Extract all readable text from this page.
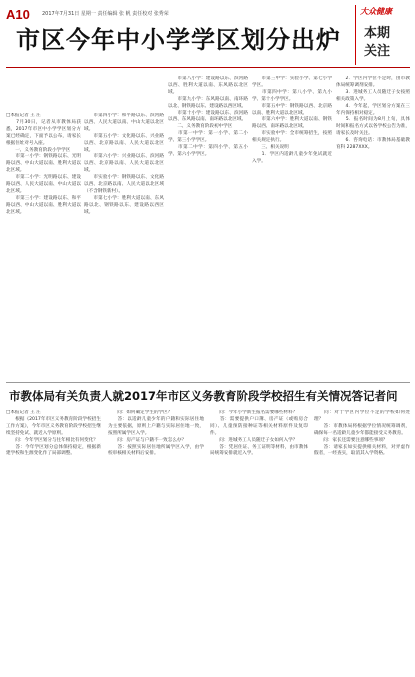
A10 2017年7月31日 星期一 责任编辑 张 帆 责任校对 张秀荣	大众健康
本期
关注
市区今年中小学学区划分出炉
□本报记者 王 庄
　　7月30日，记者从市教体局获悉，2017年市区中小学学区划分方案已经确定，下面予以公布，请家长根据住址对号入座。
　　一、义务教育阶段小学学区
　　市第一小学：钢铁路以东、光明路以西、中山大道以南、胜利大道以北区域。
　　市第二小学：光明路以东、建设路以西、人民大道以南、中山大道以北区域。
　　市第三小学：建设路以东、和平路以西、中山大道以南、胜利大道以北区域。
　　市第四小学：和平路以东、滨河路以西、人民大道以南、中山大道以北区域。
　　市第五小学：文化路以东、兴业路以西、北京路以南、人民大道以北区域。
　　市第六小学：兴业路以东、滨河路以西、北京路以南、人民大道以北区域。
　　市实验小学：钢铁路以东、文化路以西、北京路以南、人民大道以北区域（不含钢铁新村）。
　　市第七小学：胜利大道以南、东风路以北、钢铁路以东、建设路以西区域。
　　市第八小学：建设路以东、滨河路以西、胜利大道以南、东风路以北区域。
　　市第九小学：东风路以南、南环路以北、钢铁路以东、建设路以西区域。
　　市第十小学：建设路以东、滨河路以西、东风路以南、南环路以北区域。
　　二、义务教育阶段初中学区
　　市第一中学：第一小学、第二小学、第三小学学区。
　　市第二中学：第四小学、第五小学、第六小学学区。
　　市第三中学：实验小学、第七小学学区。
　　市第四中学：第八小学、第九小学、第十小学学区。
　　市第五中学：钢铁路以西、北京路以南、胜利大道以北区域。
　　市第六中学：胜利大道以南、钢铁路以西、南环路以北区域。
　　市实验中学：全市统筹招生，按照相关规定执行。
　　三、相关说明
　　1．学区内适龄儿童少年免试就近入学。
　　2．学区内学位不足时，由市教体局统筹调剂安排。
　　3．进城务工人员随迁子女按照相关政策入学。
　　4．今年起，学区划分方案在三年内保持相对稳定。
　　5．报名时间为8月上旬，具体时间和报名方式以各学校公告为准，请家长及时关注。
　　6．咨询电话：市教体局基础教育科 2287XXX。
市教体局有关负责人就2017年市区义务教育阶段学校招生有关情况答记者问
□本报记者 王 庄
　　根据《2017年市区义务教育阶段学校招生工作方案》，今年市区义务教育阶段学校招生继续坚持免试、就近入学原则。
　　问：今年学区划分与往年相比有何变化？
　　答：今年学区划分总体保持稳定，根据新建学校和生源变化作了局部调整。
　　问：如何确定学生的学区？
　　答：以适龄儿童少年的户籍和实际居住地为主要依据，原则上户籍与实际居住地一致，按照所属学区入学。
　　问：房产证与户籍不一致怎么办？
　　答：按照实际居住地所属学区入学，由学校审核相关材料后安排。
　　问：今年小学新生报名需要哪些材料？
　　答：需要提供户口簿、房产证（或购房合同）、儿童预防接种证等相关材料原件及复印件。
　　问：进城务工人员随迁子女如何入学？
　　答：凭居住证、务工证明等材料，由市教体局统筹安排就近入学。
　　问：对于学区内学位不足的学校如何处理？
　　答：市教体局将根据学位情况统筹调剂，确保每一名适龄儿童少年都能接受义务教育。
　　问：家长还需要注意哪些事项？
　　答：请家长如实提供相关材料，对弄虚作假者，一经查实，取消其入学资格。
